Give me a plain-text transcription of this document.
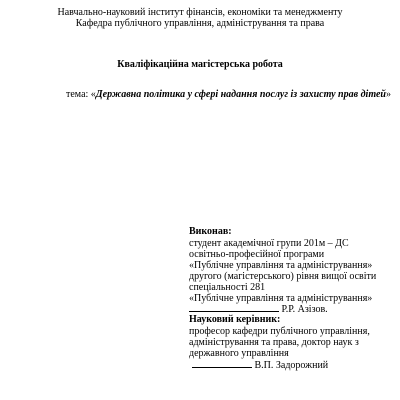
Навчально-науковий інститут фінансів, економіки та менеджменту
Кафедра публічного управління, адміністрування та права
Кваліфікаційна магістерська робота
тема: «Державна політика у сфері надання послуг із захисту прав дітей»
Виконав:
студент академічної групи 201м – ДС
освітньо-професійної програми
«Публічне управління та адміністрування»
другого (магістерського) рівня вищої освіти
спеціальності 281
«Публічне управління та адміністрування»
Р.Р. Азізов.
Науковий керівник:
професор кафедри публічного управління,
адміністрування та права, доктор наук з
державного управління
В.П. Задорожний
